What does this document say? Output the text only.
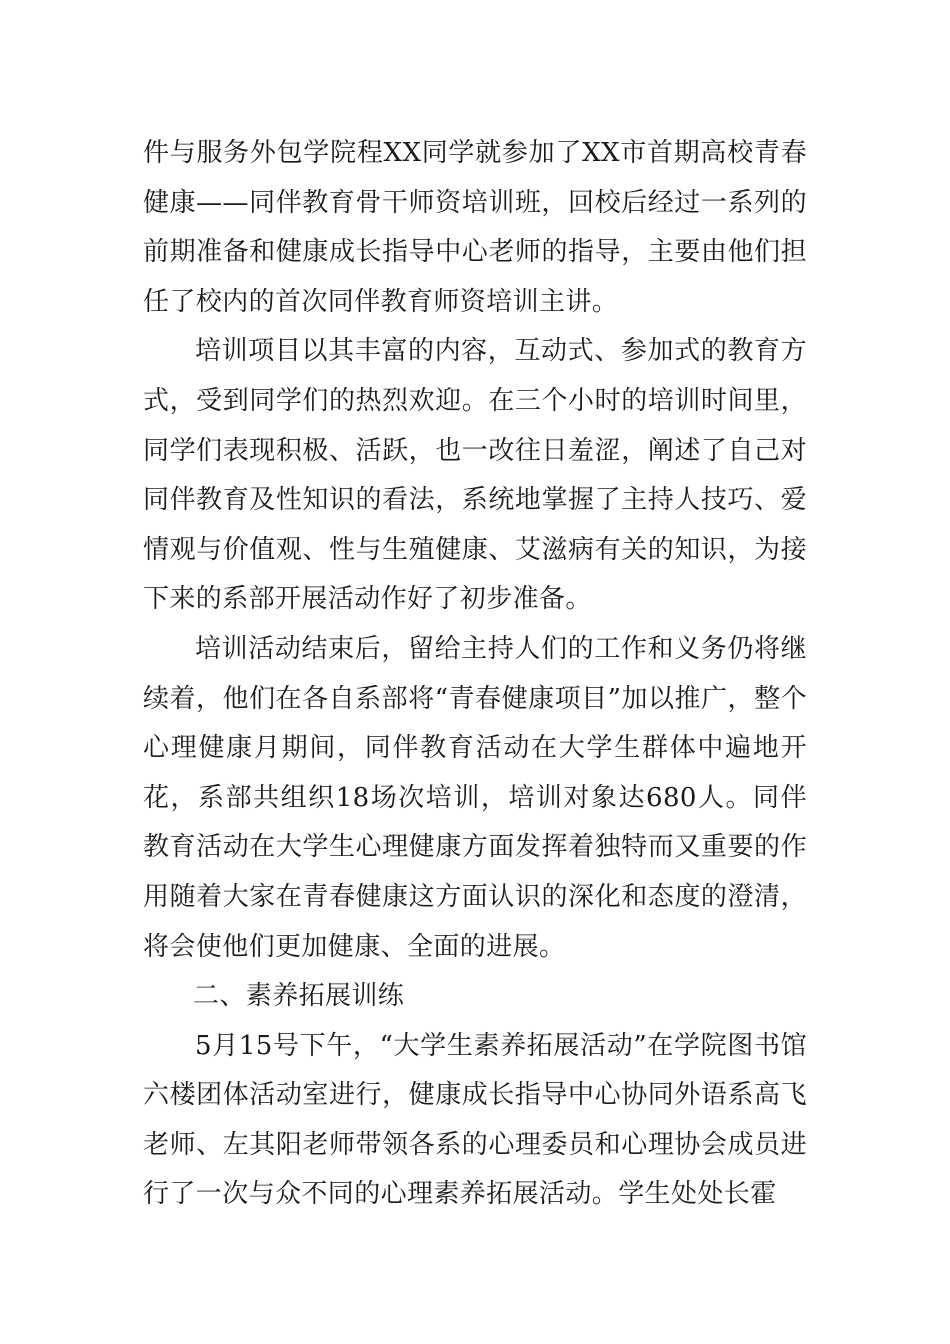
件与服务外包学院程XX同学就参加了XX市首期高校青春健康——同伴教育骨干师资培训班，回校后经过一系列的前期准备和健康成长指导中心老师的指导，主要由他们担任了校内的首次同伴教育师资培训主讲。

培训项目以其丰富的内容，互动式、参加式的教育方式，受到同学们的热烈欢迎。在三个小时的培训时间里，同学们表现积极、活跃，也一改往日羞涩，阐述了自己对同伴教育及性知识的看法，系统地掌握了主持人技巧、爱情观与价值观、性与生殖健康、艾滋病有关的知识，为接下来的系部开展活动作好了初步准备。

培训活动结束后，留给主持人们的工作和义务仍将继续着，他们在各自系部将“青春健康项目”加以推广，整个心理健康月期间，同伴教育活动在大学生群体中遍地开花，系部共组织18场次培训，培训对象达680人。同伴教育活动在大学生心理健康方面发挥着独特而又重要的作用随着大家在青春健康这方面认识的深化和态度的澄清，将会使他们更加健康、全面的进展。

二、素养拓展训练

5月15号下午，“大学生素养拓展活动”在学院图书馆六楼团体活动室进行，健康成长指导中心协同外语系高飞老师、左其阳老师带领各系的心理委员和心理协会成员进行了一次与众不同的心理素养拓展活动。学生处处长霍
